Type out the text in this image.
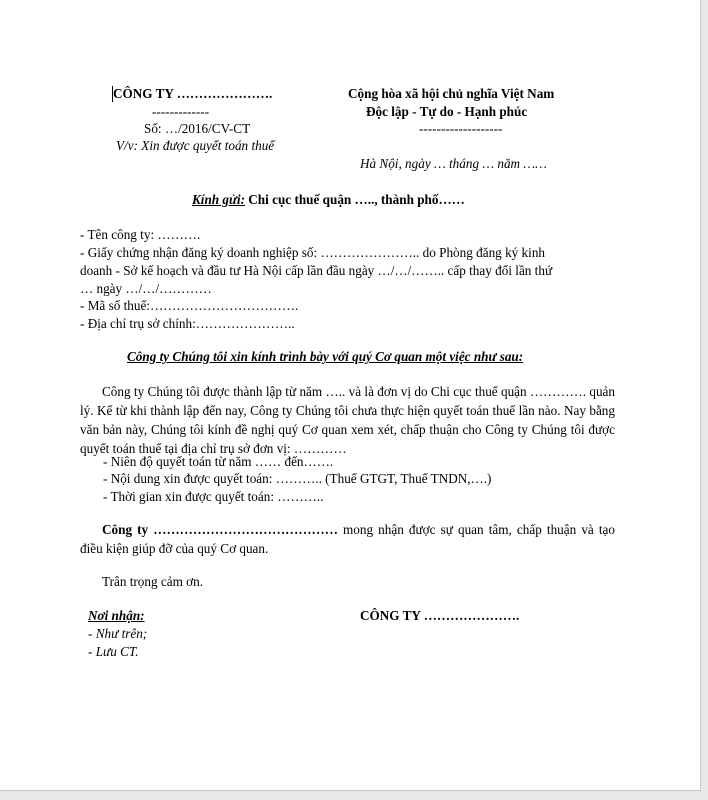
CÔNG TY ………………….
-------------
Số: …/2016/CV-CT
V/v: Xin được quyết toán thuế
Cộng hòa xã hội chủ nghĩa Việt Nam
Độc lập - Tự do - Hạnh phúc
-------------------
Hà Nội, ngày … tháng … năm ……
Kính gửi: Chi cục thuế quận ….., thành phố……
- Tên công ty: ……….
- Giấy chứng nhận đăng ký doanh nghiệp số: ………………….. do Phòng đăng ký kinh
doanh - Sở kế hoạch và đầu tư Hà Nội cấp lần đầu ngày …/…/…….. cấp thay đổi lần thứ
… ngày …/…/…………
- Mã số thuế:…………………………….
- Địa chỉ trụ sở chính:…………………..
Công ty Chúng tôi xin kính trình bày với quý Cơ quan một việc như sau:
Công ty Chúng tôi được thành lập từ năm ….. và là đơn vị do Chi cục thuế quận …………. quản lý. Kể từ khi thành lập đến nay, Công ty Chúng tôi chưa thực hiện quyết toán thuế lần nào. Nay bằng văn bản này, Chúng tôi kính đề nghị quý Cơ quan xem xét, chấp thuận cho Công ty Chúng tôi được quyết toán thuế tại địa chỉ trụ sở đơn vị: …………
- Niên độ quyết toán từ năm …… đến…….
- Nội dung xin được quyết toán: ……….. (Thuế GTGT, Thuế TNDN,….)
- Thời gian xin được quyết toán: ………..
Công ty …………………………………… mong nhận được sự quan tâm, chấp thuận và tạo điều kiện giúp đỡ của quý Cơ quan.
Trân trọng cảm ơn.
Nơi nhận:
- Như trên;
- Lưu CT.
CÔNG TY ………………….
